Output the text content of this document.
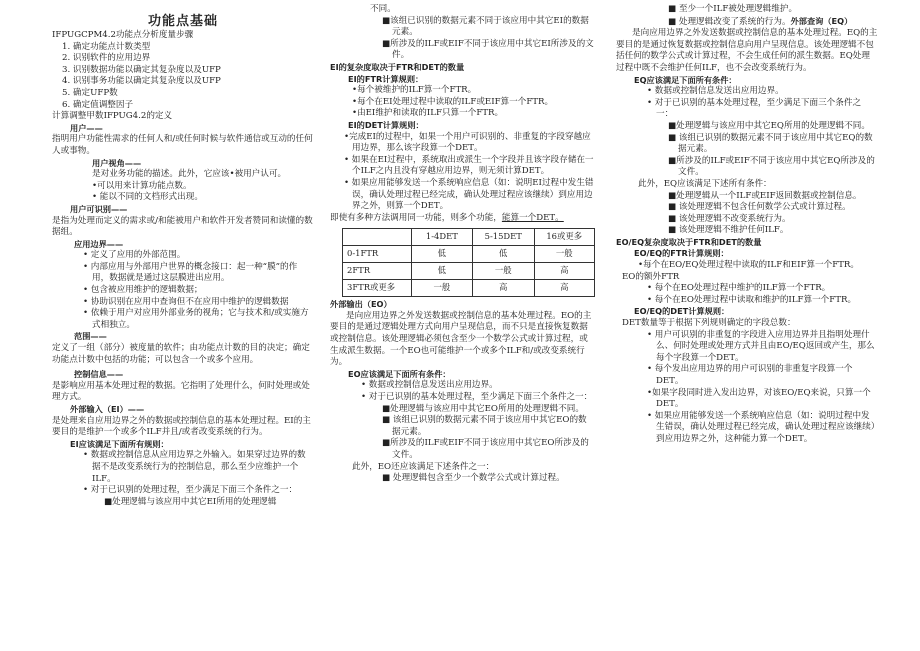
功能点基础

IFPUGCPM4.2功能点分析度量步骤

1. 确定功能点计数类型

2. 识别软件的应用边界

3. 识别数据功能以确定其复杂度以及UFP

4. 识别事务功能以确定其复杂度以及UFP

5. 确定UFP数

6. 确定值调整因子

计算调整甲数IFPUG4.2的定义

用户——

指明用户功能性需求的任何人和/或任何时候与软件通信或互动的任何人或事物。

用户视角——

是对业务功能的描述。此外，它应该•被用户认可。

•可以用来计算功能点数。

• 能以不同的文档形式出现。

用户可识别——

是指为处理而定义的需求或/和能被用户和软件开发者赞同和读懂的数据组。

应用边界——

• 定义了应用的外部范围。

• 内部应用与外部用户世界的概念接口：起一种“膜”的作用，数据就是通过这层膜进出应用。

• 包含被应用维护的逻辑数据；

• 协助识别在应用中查询但不在应用中维护的逻辑数据

• 依赖于用户对应用外部业务的视角；它与技术和/或实施方式相独立。

范围——

定义了一组（部分）被度量的软件；由功能点计数的目的决定；确定功能点计数中包括的功能；可以包含一个或多个应用。

控制信息——

是影响应用基本处理过程的数据。它指明了处理什么，何时处理或处理方式。

外部输入（EI）——

是处理来自应用边界之外的数据或控制信息的基本处理过程。EI的主要目的是维护一个或多个ILF并且/或者改变系统的行为。

EI应该满足下面所有规则：

• 数据或控制信息从应用边界之外输入。如果穿过边界的数据不是改变系统行为的控制信息，那么至少应维护一个ILF。

• 对于已识别的处理过程，至少满足下面三个条件之一：

■处理逻辑与该应用中其它EI所用的处理逻辑

不同。

■该组已识别的数据元素不同于该应用中其它EI的数据元素。

■所涉及的ILF或EIF不同于该应用中其它EI所涉及的文件。

EI的复杂度取决于FTR和DET的数量

EI的FTR计算规则：

•每个被维护的ILF算一个FTR。

•每个在EI处理过程中读取的ILF或EIF算一个FTR。

•由EI维护和读取的ILF只算一个FTR。

EI的DET计算规则：

•完成EI的过程中，如果一个用户可识别的、非重复的字段穿越应用边界，那么该字段算一个DET。

• 如果在EI过程中，系统取出或派生一个字段并且该字段存储在一个ILF之内且没有穿越应用边界，则无须计算DET。

• 如果应用能够发送一个系统响应信息（如：说明EI过程中发生错误，确认处理过程已经完成，确认处理过程应该继续）到应用边界之外，则算一个DET。

即使有多种方法调用同一功能，则多个功能，能算一个DET。

	1-4DET	5-15DET	16或更多
0-1FTR	低	低	一般
2FTR	低	一般	高
3FTR或更多	一般	高	高

外部输出（EO）

是向应用边界之外发送数据或控制信息的基本处理过程。EO的主要目的是通过逻辑处理方式向用户呈现信息，而不只是直接恢复数据或控制信息。该处理逻辑必须包含至少一个数学公式或计算过程，或生成派生数据。一个EO也可能维护一个或多个ILF和/或改变系统行为。

EO应该满足下面所有条件：

• 数据或控制信息发送出应用边界。

• 对于已识别的基本处理过程，至少满足下面三个条件之一：

■处理逻辑与该应用中其它EO所用的处理逻辑不同。

■ 该组已识别的数据元素不同于该应用中其它EO的数据元素。

■所涉及的ILF或EIF不同于该应用中其它EO所涉及的文件。

此外，EO还应该满足下述条件之一：

■ 处理逻辑包含至少一个数学公式或计算过程。

■ 至少一个ILF被处理逻辑维护。

■ 处理逻辑改变了系统的行为。外部查询（EQ）

是向应用边界之外发送数据或控制信息的基本处理过程。EQ的主要目的是通过恢复数据或控制信息向用户呈现信息。该处理逻辑不包括任何的数学公式或计算过程，不会生成任何的派生数据。EQ处理过程中既不会维护任何ILF，也不会改变系统行为。

EQ应该满足下面所有条件：

• 数据或控制信息发送出应用边界。

• 对于已识别的基本处理过程，至少满足下面三个条件之一：

■处理逻辑与该应用中其它EQ所用的处理逻辑不同。

■ 该组已识别的数据元素不同于该应用中其它EQ的数据元素。

■所涉及的ILF或EIF不同于该应用中其它EQ所涉及的文件。

此外，EQ应该满足下述所有条件：

■处理逻辑从一个ILF或EIF返回数据或控制信息。

■ 该处理逻辑不包含任何数学公式或计算过程。

■ 该处理逻辑不改变系统行为。

■ 该处理逻辑不维护任何ILF。

EO/EQ复杂度取决于FTR和DET的数量

EO/EQ的FTR计算规则：

•每个在EO/EQ处理过程中读取的ILF和EIF算一个FTR。

EO的额外FTR

• 每个在EO处理过程中维护的ILF算一个FTR。

• 每个在EO处理过程中读取和维护的ILF算一个FTR。

EO/EQ的DET计算规则：

DET数量等于根据下列规则确定的字段总数：

• 用户可识别的非重复的字段进入应用边界并且指明处理什么、何时处理或处理方式并且由EO/EQ返回或产生，那么每个字段算一个DET。

• 每个发出应用边界的用户可识别的非重复字段算一个DET。

•如果字段同时进入发出边界，对该EO/EQ来说，只算一个DET。

• 如果应用能够发送一个系统响应信息（如：说明过程中发生错误，确认处理过程已经完成，确认处理过程应该继续）到应用边界之外，这种能力算一个DET。
